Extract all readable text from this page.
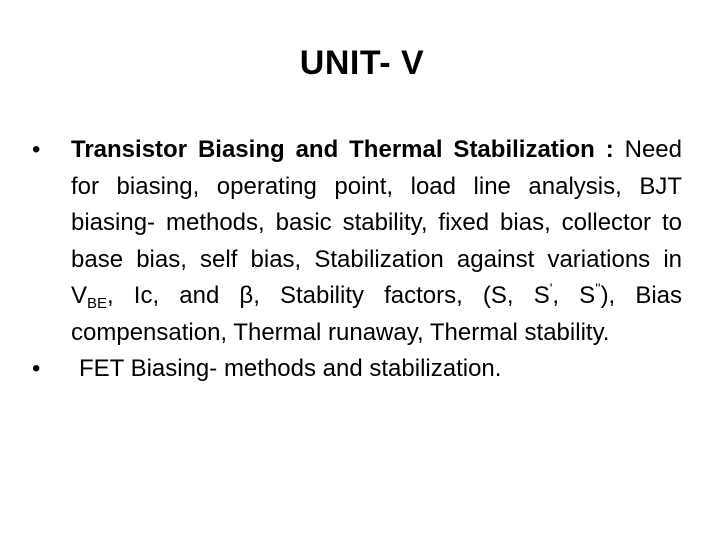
UNIT- V
•	Transistor Biasing and Thermal Stabilization : Need for biasing, operating point, load line analysis, BJT biasing- methods, basic stability, fixed bias, collector to base bias, self bias, Stabilization against variations in $V_{BE}$, Ic, and β, Stability factors, (S, S', S''), Bias compensation, Thermal runaway, Thermal stability.
•	FET Biasing- methods and stabilization.
